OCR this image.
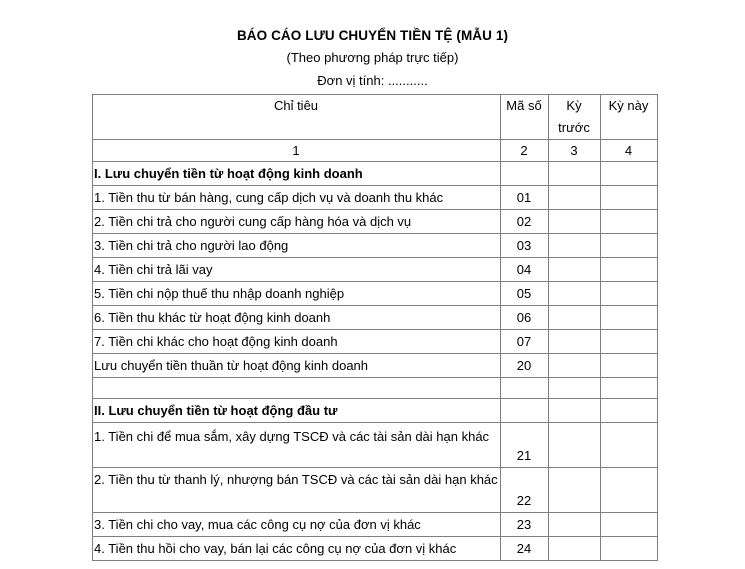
BÁO CÁO LƯU CHUYỂN TIỀN TỆ (MẪU 1)
(Theo phương pháp trực tiếp)
Đơn vị tính: ...........
Chỉ tiêu	Mã số	Kỳ trước	Kỳ này
1	2	3	4
I. Lưu chuyển tiền từ hoạt động kinh doanh			
1. Tiền thu từ bán hàng, cung cấp dịch vụ và doanh thu khác	01		
2. Tiền chi trả cho người cung cấp hàng hóa và dịch vụ	02		
3. Tiền chi trả cho người lao động	03		
4. Tiền chi trả lãi vay	04		
5. Tiền chi nộp thuế thu nhập doanh nghiệp	05		
6. Tiền thu khác từ hoạt động kinh doanh	06		
7. Tiền chi khác cho hoạt động kinh doanh	07		
Lưu chuyển tiền thuần từ hoạt động kinh doanh	20		

II. Lưu chuyển tiền từ hoạt động đầu tư			
1. Tiền chi để mua sắm, xây dựng TSCĐ và các tài sản dài hạn khác	21		
2. Tiền thu từ thanh lý, nhượng bán TSCĐ và các tài sản dài hạn khác	22		
3. Tiền chi cho vay, mua các công cụ nợ của đơn vị khác	23		
4. Tiền thu hồi cho vay, bán lại các công cụ nợ của đơn vị khác	24		
